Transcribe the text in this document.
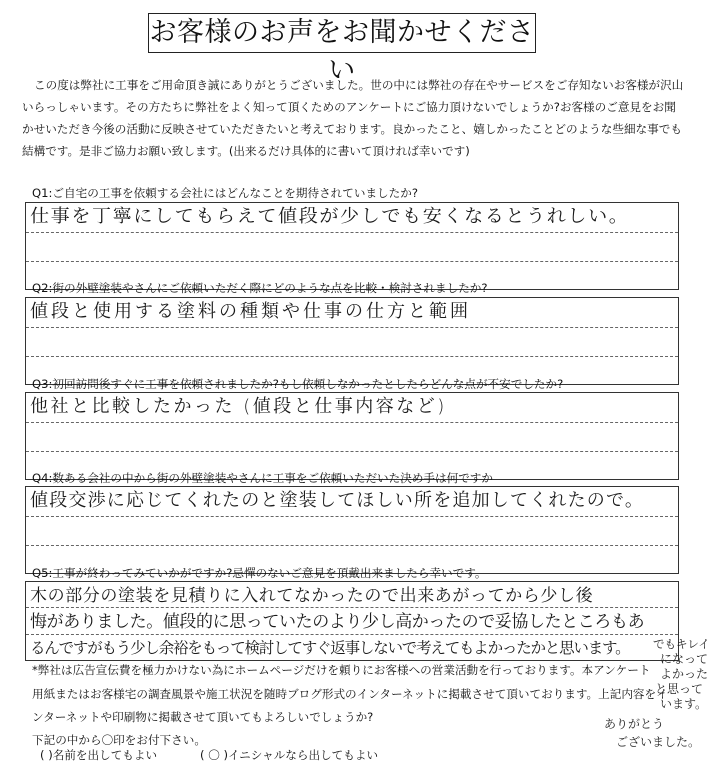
お客様のお声をお聞かせください
この度は弊社に工事をご用命頂き誠にありがとうございました。世の中には弊社の存在やサービスをご存知ないお客様が沢山いらっしゃいます。その方たちに弊社をよく知って頂くためのアンケートにご協力頂けないでしょうか?お客様のご意見をお聞かせいただき今後の活動に反映させていただきたいと考えております。良かったこと、嬉しかったことどのような些細な事でも結構です。是非ご協力お願い致します。(出来るだけ具体的に書いて頂ければ幸いです)
Q1:ご自宅の工事を依頼する会社にはどんなことを期待されていましたか?
仕事を丁寧にしてもらえて値段が少しでも安くなるとうれしい。
Q2:街の外壁塗装やさんにご依頼いただく際にどのような点を比較・検討されましたか?
値段と使用する塗料の種類や仕事の仕方と範囲
Q3:初回訪問後すぐに工事を依頼されましたか?もし依頼しなかったとしたらどんな点が不安でしたか?
他社と比較したかった (値段と仕事内容など)
Q4:数ある会社の中から街の外壁塗装やさんに工事をご依頼いただいた決め手は何ですか
値段交渉に応じてくれたのと塗装してほしい所を追加してくれたので。
Q5:工事が終わってみていかがですか?忌憚のないご意見を頂戴出来ましたら幸いです。
木の部分の塗装を見積りに入れてなかったので出来あがってから少し後
悔がありました。値段的に思っていたのより少し高かったので妥協したところもあ
るんですがもう少し余裕をもって検討してすぐ返事しないで考えてもよかったかと思います。
*弊社は広告宣伝費を極力かけない為にホームページだけを頼りにお客様への営業活動を行っております。本アンケート
用紙またはお客様宅の調査風景や施工状況を随時ブログ形式のインターネットに掲載させて頂いております。上記内容をイ
ンターネットや印刷物に掲載させて頂いてもよろしいでしょうか?
下記の中から〇印をお付下さい。
( )名前を出してもよい	( 〇 )イニシャルなら出してもよい
でもキレイ
になって
よかった
と思って
います。
ありがとう
ございました。
